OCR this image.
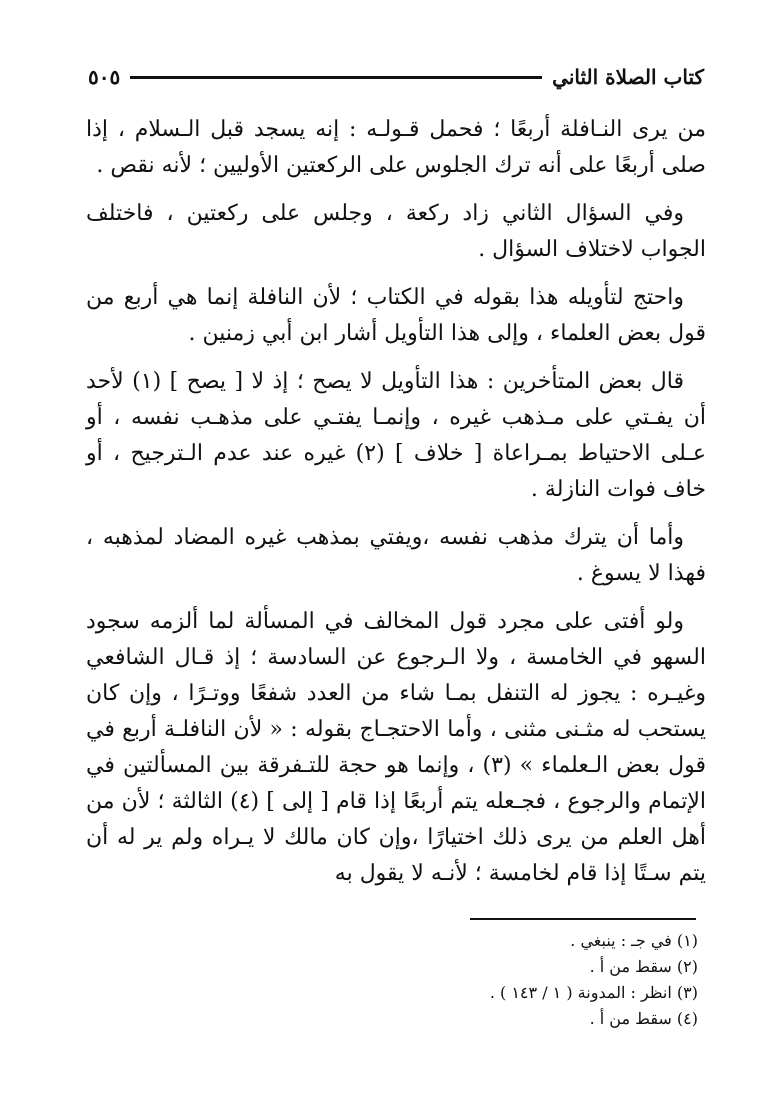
كتاب الصلاة الثاني
٥٠٥

من يرى النـافلة أربعًا ؛ فحمل قـولـه : إنه يسجد قبل الـسلام ، إذا صلى أربعًا على أنه ترك الجلوس على الركعتين الأوليين ؛ لأنه نقص .

وفي السؤال الثاني زاد ركعة ، وجلس على ركعتين ، فاختلف الجواب لاختلاف السؤال .

واحتج لتأويله هذا بقوله في الكتاب ؛ لأن النافلة إنما هي أربع من قول بعض العلماء ، وإلى هذا التأويل أشار ابن أبي زمنين .

قال بعض المتأخرين : هذا التأويل لا يصح ؛ إذ لا [ يصح ] (١) لأحد أن يفـتي على مـذهب غيره ، وإنمـا يفتـي على مذهـب نفسه ، أو عـلى الاحتياط بمـراعاة [ خلاف ] (٢) غيره عند عدم الـترجيح ، أو خاف فوات النازلة .

وأما أن يترك مذهب نفسه ،ويفتي بمذهب غيره المضاد لمذهبه ، فهذا لا يسوغ .

ولو أفتى على مجرد قول المخالف في المسألة لما ألزمه سجود السهو في الخامسة ، ولا الـرجوع عن السادسة ؛ إذ قـال الشافعي وغيـره : يجوز له التنفل بمـا شاء من العدد شفعًا ووتـرًا ، وإن كان يستحب له مثـنى مثنى ، وأما الاحتجـاج بقوله : « لأن النافلـة أربع في قول بعض الـعلماء » (٣) ، وإنما هو حجة للتـفرقة بين المسألتين في الإتمام والرجوع ، فجـعله يتم أربعًا إذا قام [ إلى ] (٤) الثالثة ؛ لأن من أهل العلم من يرى ذلك اختيارًا ،وإن كان مالك لا يـراه ولم ير له أن يتم سـتًا إذا قام لخامسة ؛ لأنـه لا يقول به

(١) في جـ : ينبغي .
(٢) سقط من أ .
(٣) انظر : المدونة ( ١ / ١٤٣ ) .
(٤) سقط من أ .
